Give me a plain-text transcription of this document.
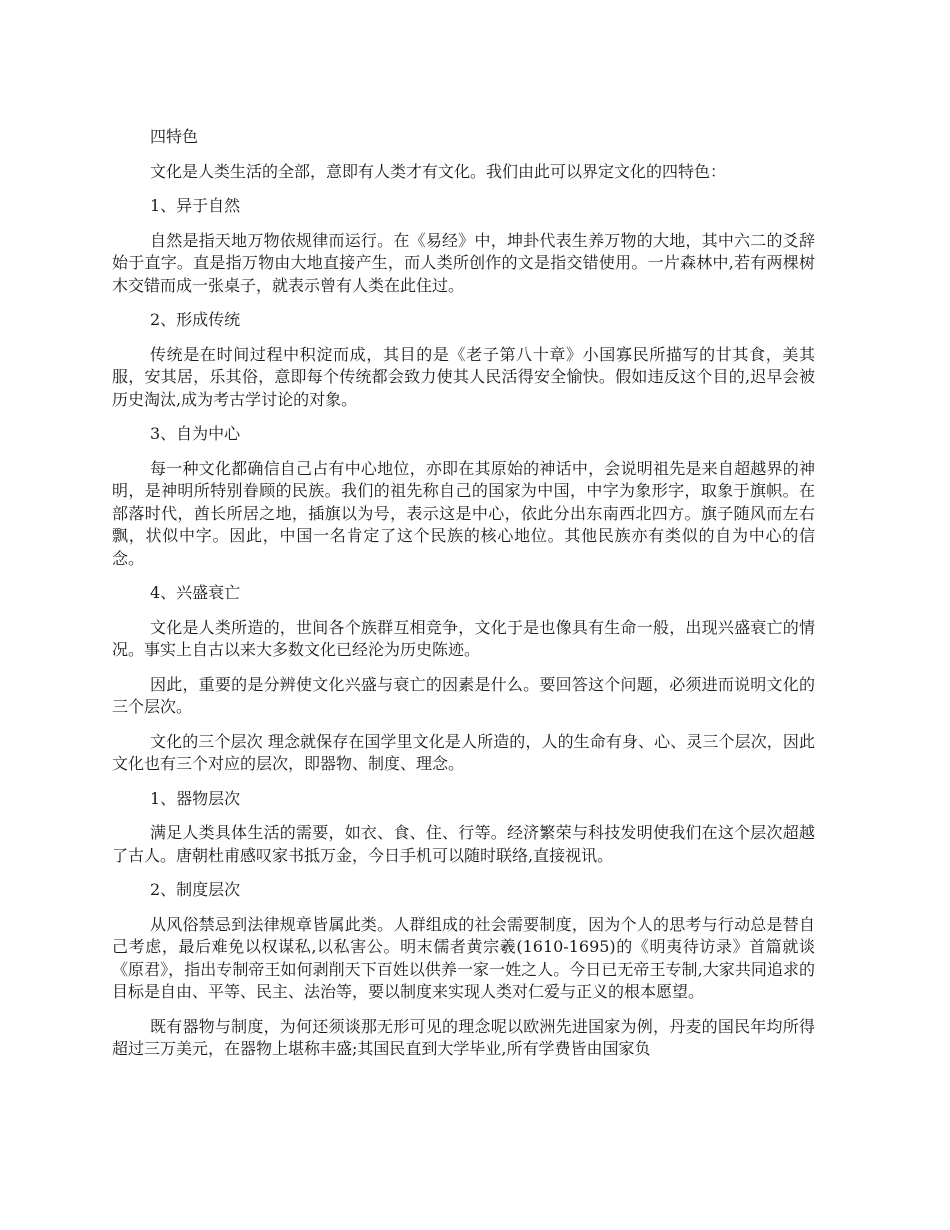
四特色

文化是人类生活的全部，意即有人类才有文化。我们由此可以界定文化的四特色：

1、异于自然

自然是指天地万物依规律而运行。在《易经》中，坤卦代表生养万物的大地，其中六二的爻辞始于直字。直是指万物由大地直接产生，而人类所创作的文是指交错使用。一片森林中,若有两棵树木交错而成一张桌子，就表示曾有人类在此住过。

2、形成传统

传统是在时间过程中积淀而成，其目的是《老子第八十章》小国寡民所描写的甘其食，美其服，安其居，乐其俗，意即每个传统都会致力使其人民活得安全愉快。假如违反这个目的,迟早会被历史淘汰,成为考古学讨论的对象。

3、自为中心

每一种文化都确信自己占有中心地位，亦即在其原始的神话中，会说明祖先是来自超越界的神明，是神明所特别眷顾的民族。我们的祖先称自己的国家为中国，中字为象形字，取象于旗帜。在部落时代，酋长所居之地，插旗以为号，表示这是中心，依此分出东南西北四方。旗子随风而左右飘，状似中字。因此，中国一名肯定了这个民族的核心地位。其他民族亦有类似的自为中心的信念。

4、兴盛衰亡

文化是人类所造的，世间各个族群互相竞争，文化于是也像具有生命一般，出现兴盛衰亡的情况。事实上自古以来大多数文化已经沦为历史陈迹。

因此，重要的是分辨使文化兴盛与衰亡的因素是什么。要回答这个问题，必须进而说明文化的三个层次。

文化的三个层次 理念就保存在国学里文化是人所造的，人的生命有身、心、灵三个层次，因此文化也有三个对应的层次，即器物、制度、理念。

1、器物层次

满足人类具体生活的需要，如衣、食、住、行等。经济繁荣与科技发明使我们在这个层次超越了古人。唐朝杜甫感叹家书抵万金，今日手机可以随时联络,直接视讯。

2、制度层次

从风俗禁忌到法律规章皆属此类。人群组成的社会需要制度，因为个人的思考与行动总是替自己考虑，最后难免以权谋私,以私害公。明末儒者黄宗羲(1610-1695)的《明夷待访录》首篇就谈《原君》，指出专制帝王如何剥削天下百姓以供养一家一姓之人。今日已无帝王专制,大家共同追求的目标是自由、平等、民主、法治等，要以制度来实现人类对仁爱与正义的根本愿望。

既有器物与制度，为何还须谈那无形可见的理念呢以欧洲先进国家为例，丹麦的国民年均所得超过三万美元，在器物上堪称丰盛;其国民直到大学毕业,所有学费皆由国家负
